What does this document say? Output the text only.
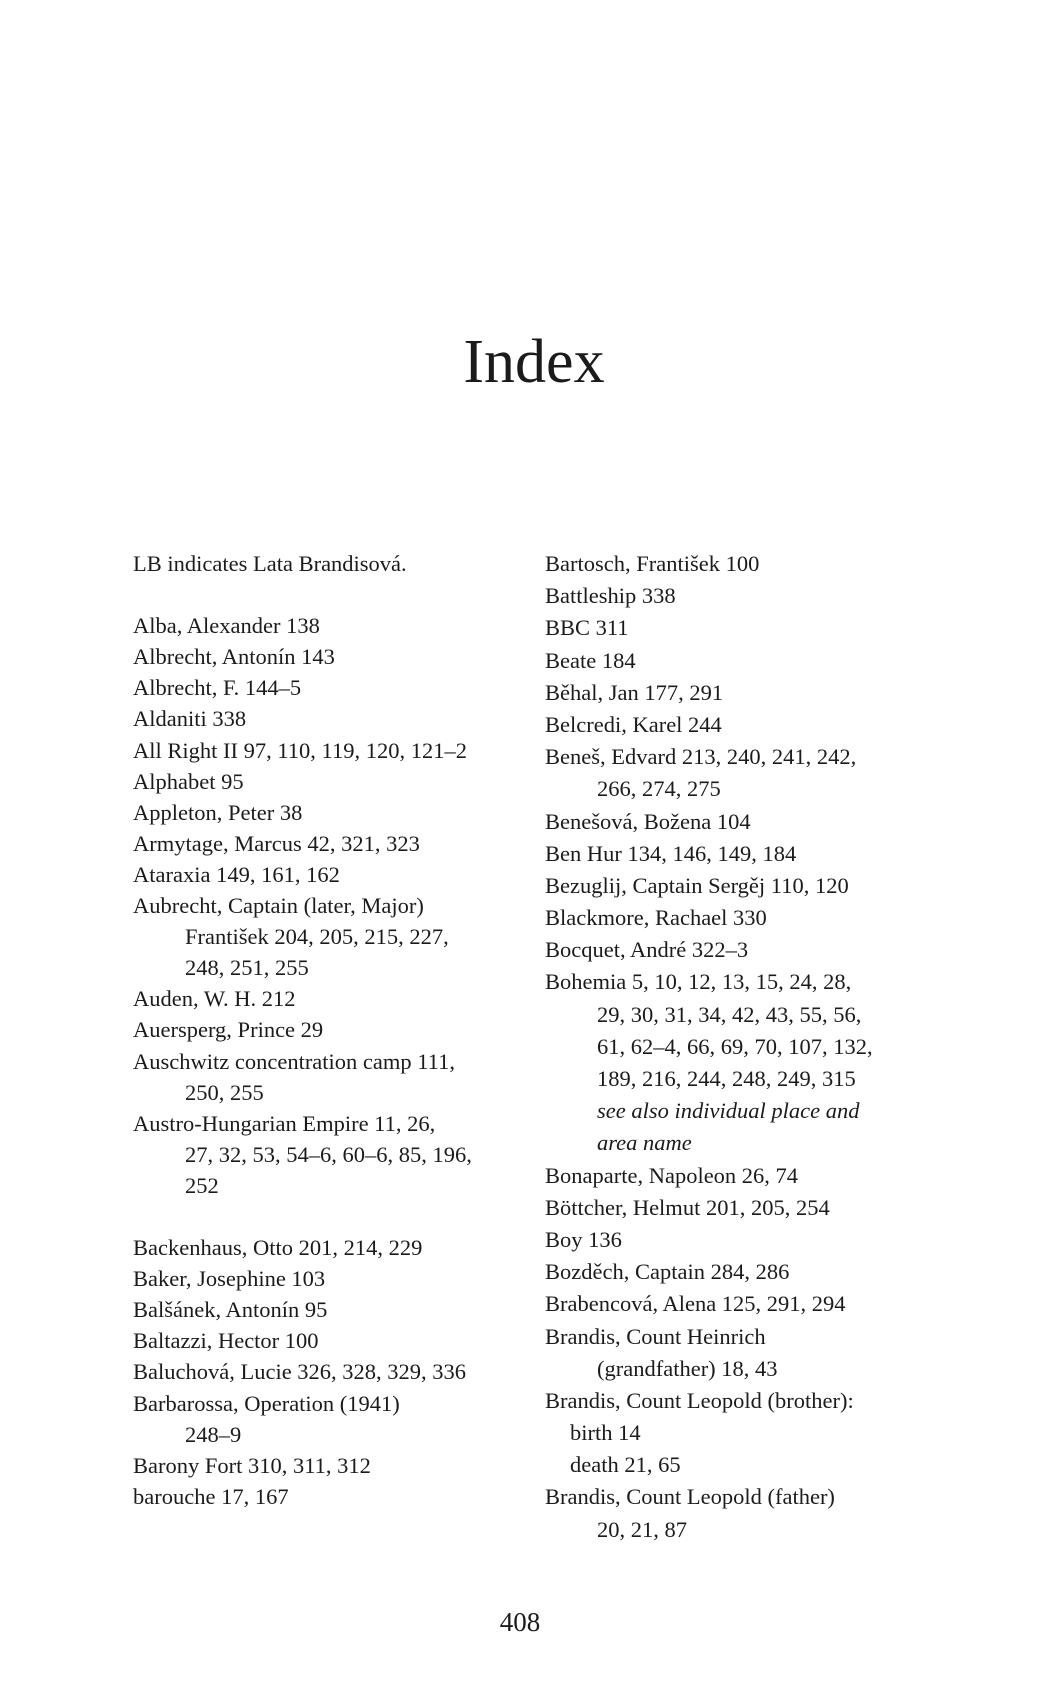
Index
LB indicates Lata Brandisová.
Alba, Alexander 138
Albrecht, Antonín 143
Albrecht, F. 144–5
Aldaniti 338
All Right II 97, 110, 119, 120, 121–2
Alphabet 95
Appleton, Peter 38
Armytage, Marcus 42, 321, 323
Ataraxia 149, 161, 162
Aubrecht, Captain (later, Major)
František 204, 205, 215, 227,
248, 251, 255
Auden, W. H. 212
Auersperg, Prince 29
Auschwitz concentration camp 111,
250, 255
Austro-Hungarian Empire 11, 26,
27, 32, 53, 54–6, 60–6, 85, 196,
252
Backenhaus, Otto 201, 214, 229
Baker, Josephine 103
Balšánek, Antonín 95
Baltazzi, Hector 100
Baluchová, Lucie 326, 328, 329, 336
Barbarossa, Operation (1941)
248–9
Barony Fort 310, 311, 312
barouche 17, 167
Bartosch, František 100
Battleship 338
BBC 311
Beate 184
Běhal, Jan 177, 291
Belcredi, Karel 244
Beneš, Edvard 213, 240, 241, 242,
266, 274, 275
Benešová, Božena 104
Ben Hur 134, 146, 149, 184
Bezuglij, Captain Sergěj 110, 120
Blackmore, Rachael 330
Bocquet, André 322–3
Bohemia 5, 10, 12, 13, 15, 24, 28,
29, 30, 31, 34, 42, 43, 55, 56,
61, 62–4, 66, 69, 70, 107, 132,
189, 216, 244, 248, 249, 315
see also individual place and
area name
Bonaparte, Napoleon 26, 74
Böttcher, Helmut 201, 205, 254
Boy 136
Bozděch, Captain 284, 286
Brabencová, Alena 125, 291, 294
Brandis, Count Heinrich
(grandfather) 18, 43
Brandis, Count Leopold (brother):
birth 14
death 21, 65
Brandis, Count Leopold (father)
20, 21, 87
408
